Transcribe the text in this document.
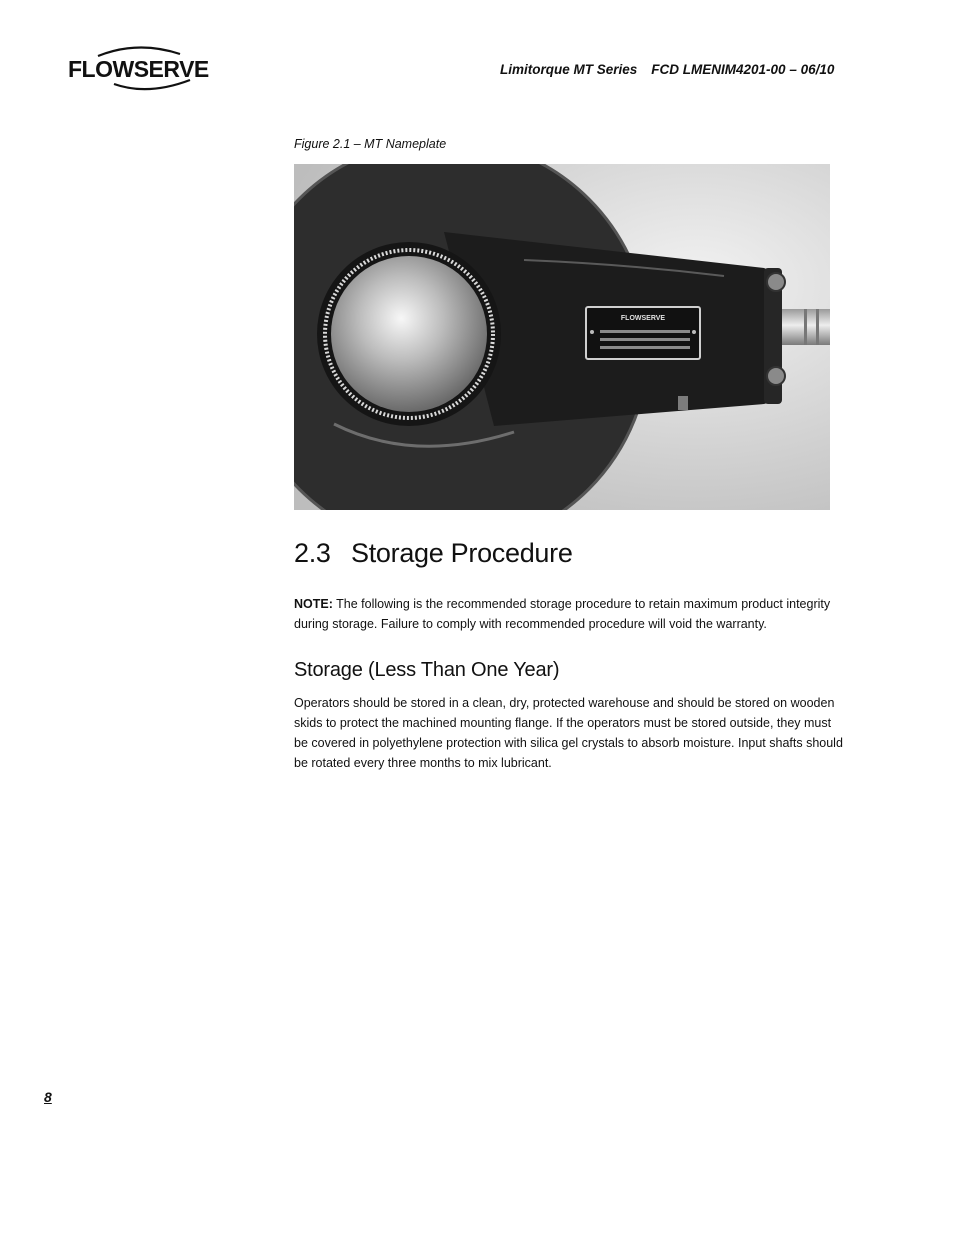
FLOWSERVE	Limitorque MT Series FCD LMENIM4201-00 – 06/10
Figure 2.1 – MT Nameplate
FLOWSERVE
2.3 Storage Procedure
NOTE: The following is the recommended storage procedure to retain maximum product integrity during storage. Failure to comply with recommended procedure will void the warranty.
Storage (Less Than One Year)
Operators should be stored in a clean, dry, protected warehouse and should be stored on wooden skids to protect the machined mounting flange. If the operators must be stored outside, they must be covered in polyethylene protection with silica gel crystals to absorb moisture. Input shafts should be rotated every three months to mix lubricant.
8
